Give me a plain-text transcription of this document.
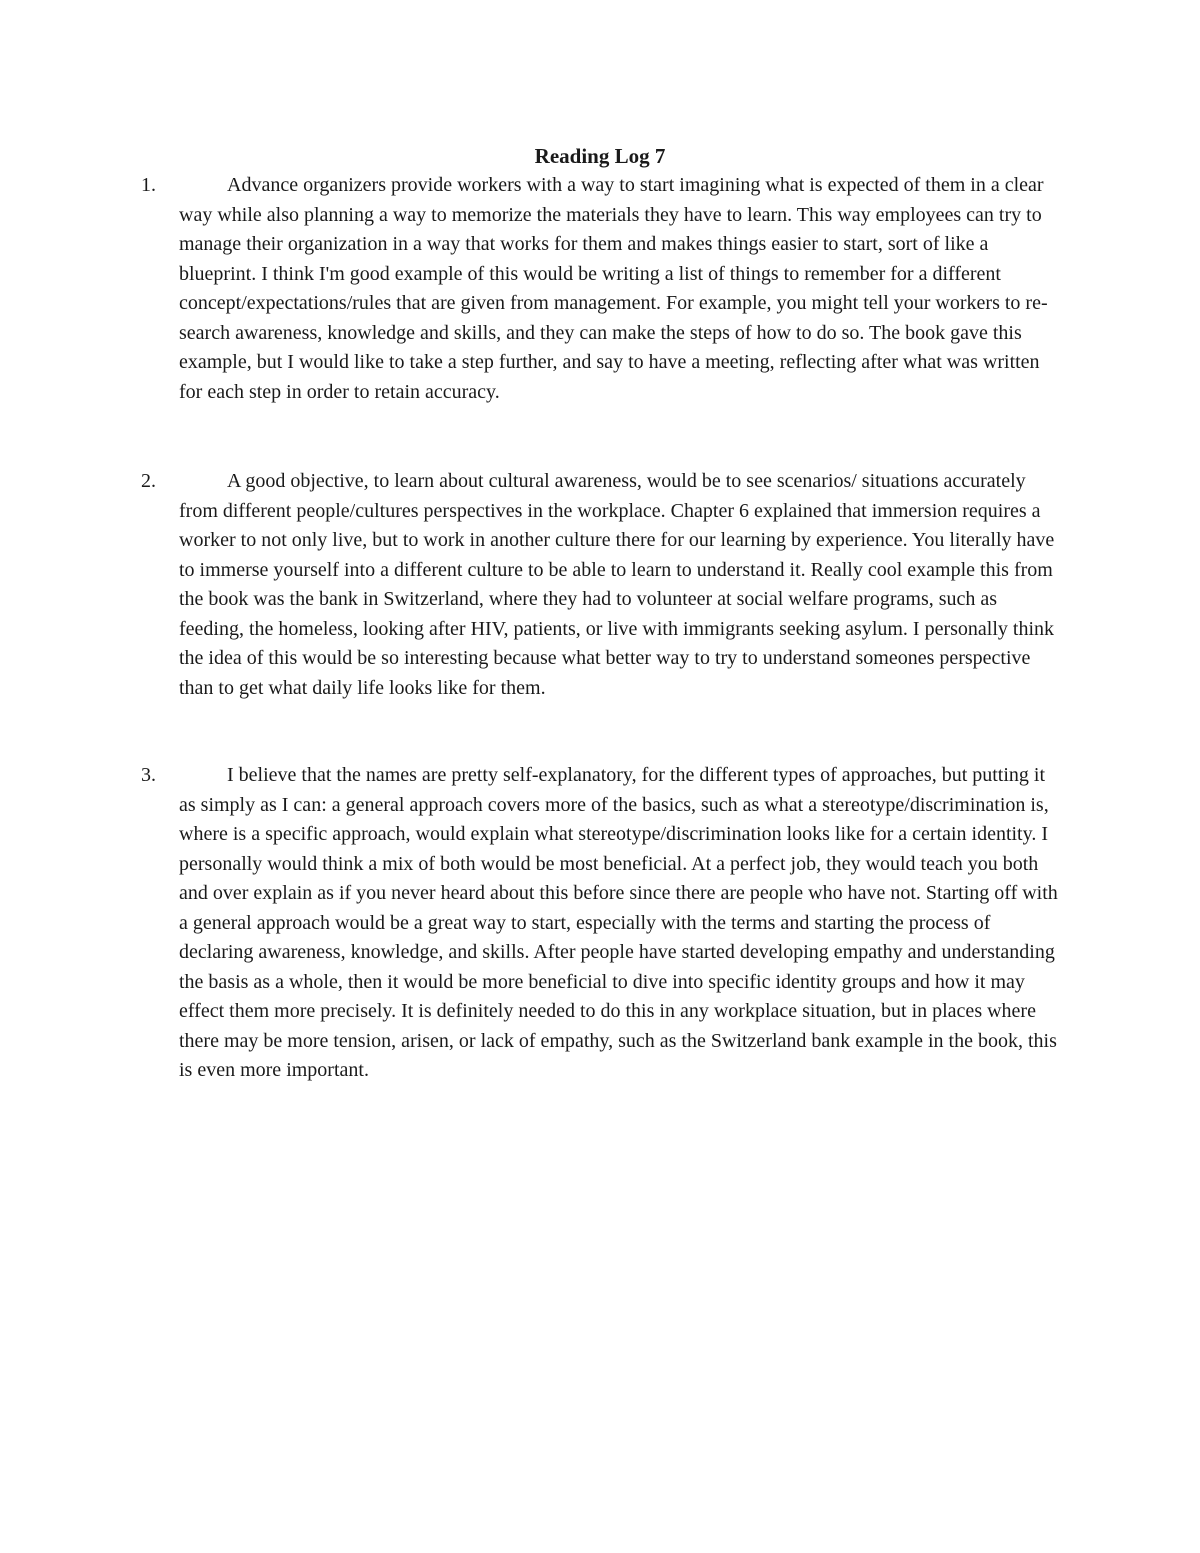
Reading Log 7
1.	Advance organizers provide workers with a way to start imagining what is expected of them in a clear way while also planning a way to memorize the materials they have to learn. This way employees can try to manage their organization in a way that works for them and makes things easier to start, sort of like a blueprint. I think I'm good example of this would be writing a list of things to remember for a different concept/expectations/rules that are given from management. For example, you might tell your workers to re-search awareness, knowledge and skills, and they can make the steps of how to do so. The book gave this example, but I would like to take a step further, and say to have a meeting, reflecting after what was written for each step in order to retain accuracy.

2.	A good objective, to learn about cultural awareness, would be to see scenarios/ situations accurately from different people/cultures perspectives in the workplace. Chapter 6 explained that immersion requires a worker to not only live, but to work in another culture there for our learning by experience. You literally have to immerse yourself into a different culture to be able to learn to understand it. Really cool example this from the book was the bank in Switzerland, where they had to volunteer at social welfare programs, such as feeding, the homeless, looking after HIV, patients, or live with immigrants seeking asylum. I personally think the idea of this would be so interesting because what better way to try to understand someones perspective than to get what daily life looks like for them.

3.	I believe that the names are pretty self-explanatory, for the different types of approaches, but putting it as simply as I can: a general approach covers more of the basics, such as what a stereotype/discrimination is, where is a specific approach, would explain what stereotype/discrimination looks like for a certain identity. I personally would think a mix of both would be most beneficial. At a perfect job, they would teach you both and over explain as if you never heard about this before since there are people who have not. Starting off with a general approach would be a great way to start, especially with the terms and starting the process of declaring awareness, knowledge, and skills. After people have started developing empathy and understanding the basis as a whole, then it would be more beneficial to dive into specific identity groups and how it may effect them more precisely. It is definitely needed to do this in any workplace situation, but in places where there may be more tension, arisen, or lack of empathy, such as the Switzerland bank example in the book, this is even more important.
